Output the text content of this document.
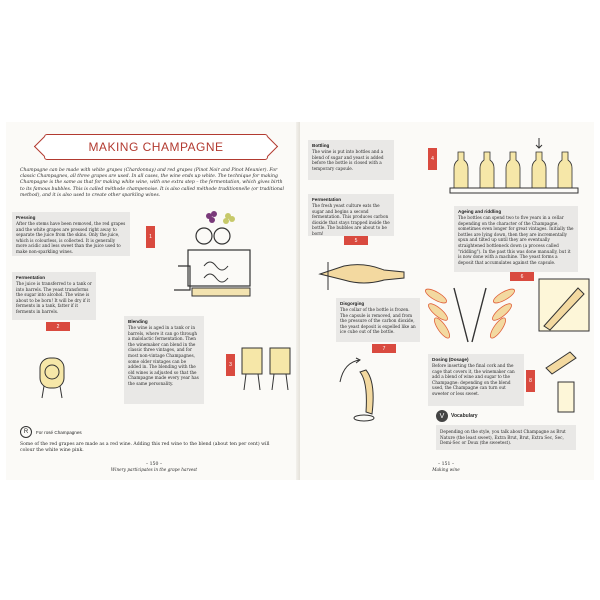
MAKING CHAMPAGNE

Champagne can be made with white grapes (Chardonnay) and red grapes (Pinot Noir and Pinot Meunier). For classic Champagnes, all three grapes are used. In all cases, the wine ends up white. The technique for making Champagne is the same as that for making white wine, with one extra step – the fermentation, which gives birth to its famous bubbles. This is called méthode champenoise. It is also called méthode traditionnelle (or traditional method), and it is also used to create other sparkling wines.

Pressing

After the stems have been removed, the red grapes and the white grapes are pressed right away to separate the juice from the skins. Only the juice, which is colourless, is collected. It is generally more acidic and less sweet than the juice used to make non-sparkling wines.

1
Fermentation

The juice is transferred to a tank or into barrels. The yeast transforms the sugar into alcohol. The wine is about to be born! It will be dry if it ferments in a tank, fatter if it ferments in barrels.

2
Blending

The wine is aged in a tank or in barrels, where it can go through a malolactic fermentation. Then the winemaker can blend in the classic three vintages, and for most non-vintage Champagnes, some older vintages can be added in. The blending with the old wines is adjusted so that the Champagne made every year has the same personality.

3
R	For rosé Champagnes

Some of the red grapes are made as a red wine. Adding this red wine to the blend (about ten per cent) will colour the white wine pink.

– 150 –
Winery participates in the grape harvest
Bottling

The wine is put into bottles and a blend of sugar and yeast is added before the bottle is closed with a temporary capsule.

4
Fermentation

The fresh yeast culture eats the sugar and begins a second fermentation. This produces carbon dioxide that stays trapped inside the bottle. The bubbles are about to be born!

5
Ageing and riddling

The bottles can spend two to five years in a cellar depending on the character of the Champagne, sometimes even longer for great vintages. Initially the bottles are lying down, then they are incrementally spun and tilted up until they are eventually straightened bottleneck down (a process called "riddling"). In the past this was done manually, but it is now done with a machine. The yeast forms a deposit that accumulates against the capsule.

6
Disgorging

The collar of the bottle is frozen. The capsule is removed, and from the pressure of the carbon dioxide, the yeast deposit is expelled like an ice cube out of the bottle.

7
Dosing (Dosage)

Before inserting the final cork and the cage that covers it, the winemaker can add a blend of wine and sugar to the Champagne: depending on the blend used, the Champagne can turn out sweeter or less sweet.

8
V	Vocabulary
Depending on the style, you talk about Champagne as Brut Nature (the least sweet), Extra Brut, Brut, Extra Sec, Sec, Demi-Sec or Doux (the sweetest).
– 151 –
Making wine
